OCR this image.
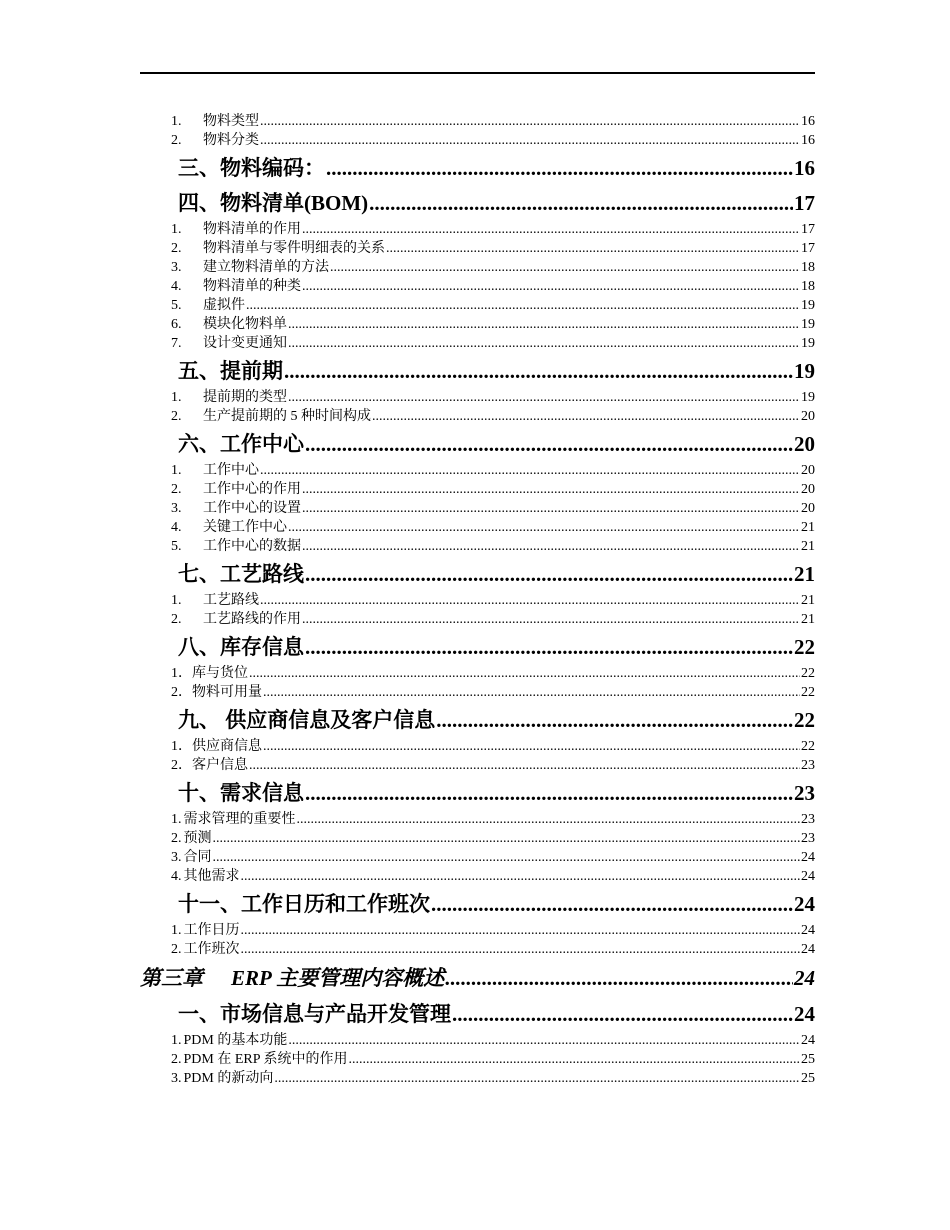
1.	物料类型 .....	16
2.	物料分类 .....	16
三、物料编码： .....	16
四、物料清单(BOM) .....	17
1.	物料清单的作用 .....	17
2.	物料清单与零件明细表的关系 .....	17
3.	建立物料清单的方法 .....	18
4.	物料清单的种类 .....	18
5.	虚拟件 .....	19
6.	模块化物料单 .....	19
7.	设计变更通知 .....	19
五、提前期 .....	19
1.	提前期的类型 .....	19
2.	生产提前期的 5 种时间构成 .....	20
六、工作中心 .....	20
1.	工作中心 .....	20
2.	工作中心的作用 .....	20
3.	工作中心的设置 .....	20
4.	关键工作中心 .....	21
5.	工作中心的数据 .....	21
七、工艺路线 .....	21
1.	工艺路线 .....	21
2.	工艺路线的作用 .....	21
八、库存信息 .....	22
1． 库与货位 .....	22
2． 物料可用量 .....	22
九、 供应商信息及客户信息 .....	22
1． 供应商信息 .....	22
2． 客户信息 .....	23
十、需求信息 .....	23
1. 需求管理的重要性 .....	23
2. 预测 .....	23
3. 合同 .....	24
4. 其他需求 .....	24
十一、工作日历和工作班次 .....	24
1. 工作日历 .....	24
2. 工作班次 .....	24
第三章 ERP 主要管理内容概述 .....	24
一、市场信息与产品开发管理 .....	24
1. PDM 的基本功能 .....	24
2. PDM 在 ERP 系统中的作用 .....	25
3. PDM 的新动向 .....	25
